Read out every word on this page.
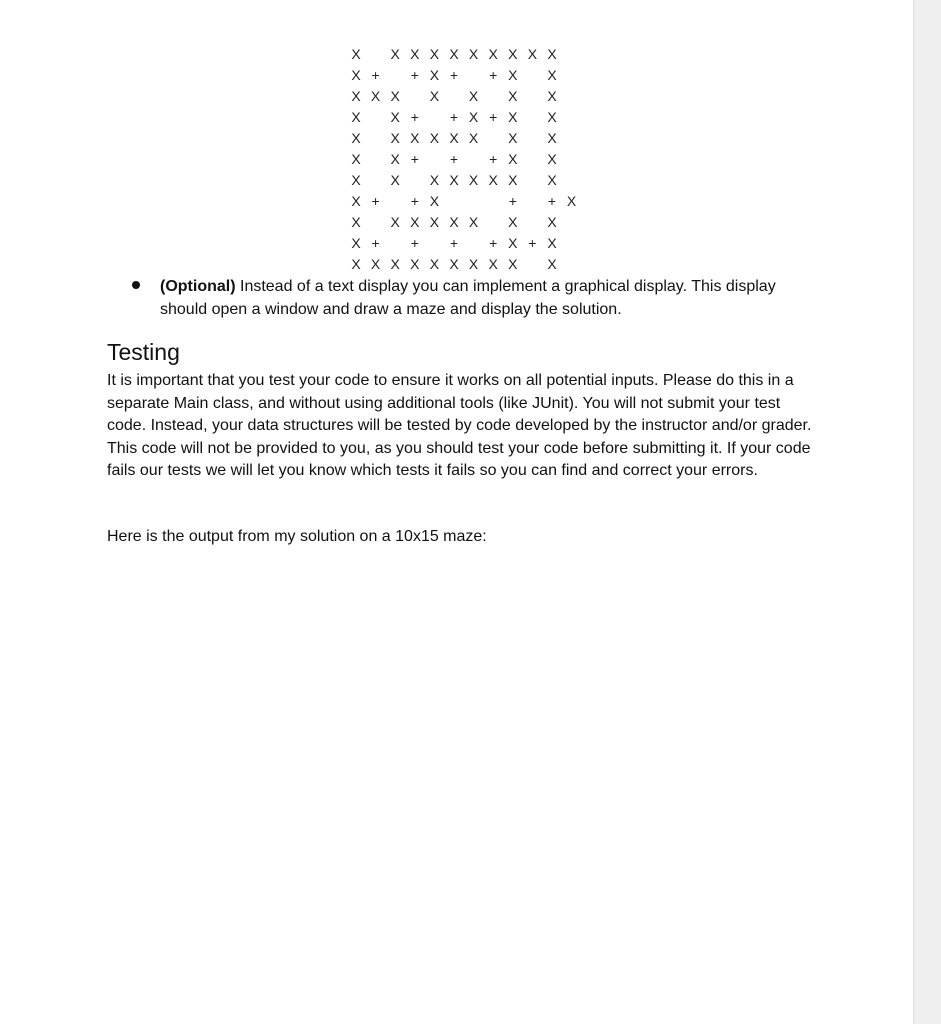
X X X X X X X X X X
X + + X + + X X
X X X X X X X
X X + + X + X X
X X X X X X X X
X X + + + X X
X X X X X X X X
X + + X	+ + X
X X X X X X X X
X + + + + X + X
X X X X X X X X X X
(Optional) Instead of a text display you can implement a graphical display. This display should open a window and draw a maze and display the solution.
Testing

It is important that you test your code to ensure it works on all potential inputs. Please do this in a separate Main class, and without using additional tools (like JUnit). You will not submit your test code. Instead, your data structures will be tested by code developed by the instructor and/or grader. This code will not be provided to you, as you should test your code before submitting it. If your code fails our tests we will let you know which tests it fails so you can find and correct your errors.

Here is the output from my solution on a 10x15 maze:
